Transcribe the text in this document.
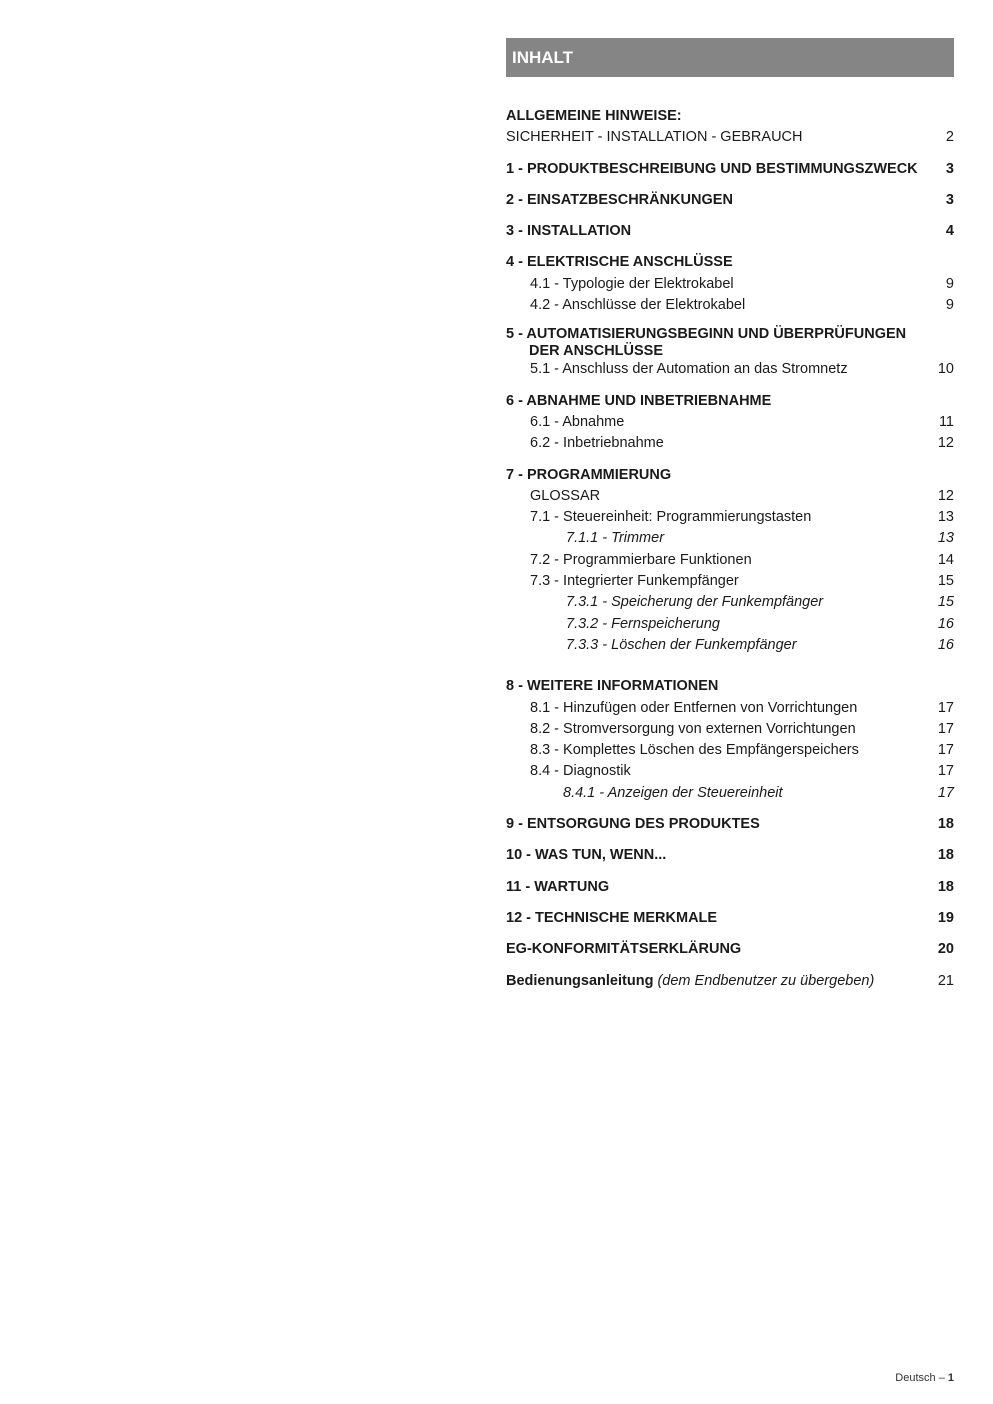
INHALT
ALLGEMEINE HINWEISE:
SICHERHEIT - INSTALLATION - GEBRAUCH	2
1 - PRODUKTBESCHREIBUNG UND BESTIMMUNGSZWECK 3
2 - EINSATZBESCHRÄNKUNGEN	3
3 - INSTALLATION	4
4 - ELEKTRISCHE ANSCHLÜSSE
4.1 - Typologie der Elektrokabel	9
4.2 - Anschlüsse der Elektrokabel	9
5 - AUTOMATISIERUNGSBEGINN UND ÜBERPRÜFUNGEN DER ANSCHLÜSSE
5.1 - Anschluss der Automation an das Stromnetz	10
6 - ABNAHME UND INBETRIEBNAHME
6.1 - Abnahme	11
6.2 - Inbetriebnahme	12
7 - PROGRAMMIERUNG
GLOSSAR	12
7.1 - Steuereinheit: Programmierungstasten	13
7.1.1 - Trimmer	13
7.2 - Programmierbare Funktionen	14
7.3 - Integrierter Funkempfänger	15
7.3.1 - Speicherung der Funkempfänger	15
7.3.2 - Fernspeicherung	16
7.3.3 - Löschen der Funkempfänger	16
8 - WEITERE INFORMATIONEN
8.1 - Hinzufügen oder Entfernen von Vorrichtungen	17
8.2 - Stromversorgung von externen Vorrichtungen	17
8.3 - Komplettes Löschen des Empfängerspeichers	17
8.4 - Diagnostik	17
8.4.1 - Anzeigen der Steuereinheit	17
9 - ENTSORGUNG DES PRODUKTES	18
10 - WAS TUN, WENN...	18
11 - WARTUNG	18
12 - TECHNISCHE MERKMALE	19
EG-KONFORMITÄTSERKLÄRUNG	20
Bedienungsanleitung (dem Endbenutzer zu übergeben)	21
Deutsch – 1
